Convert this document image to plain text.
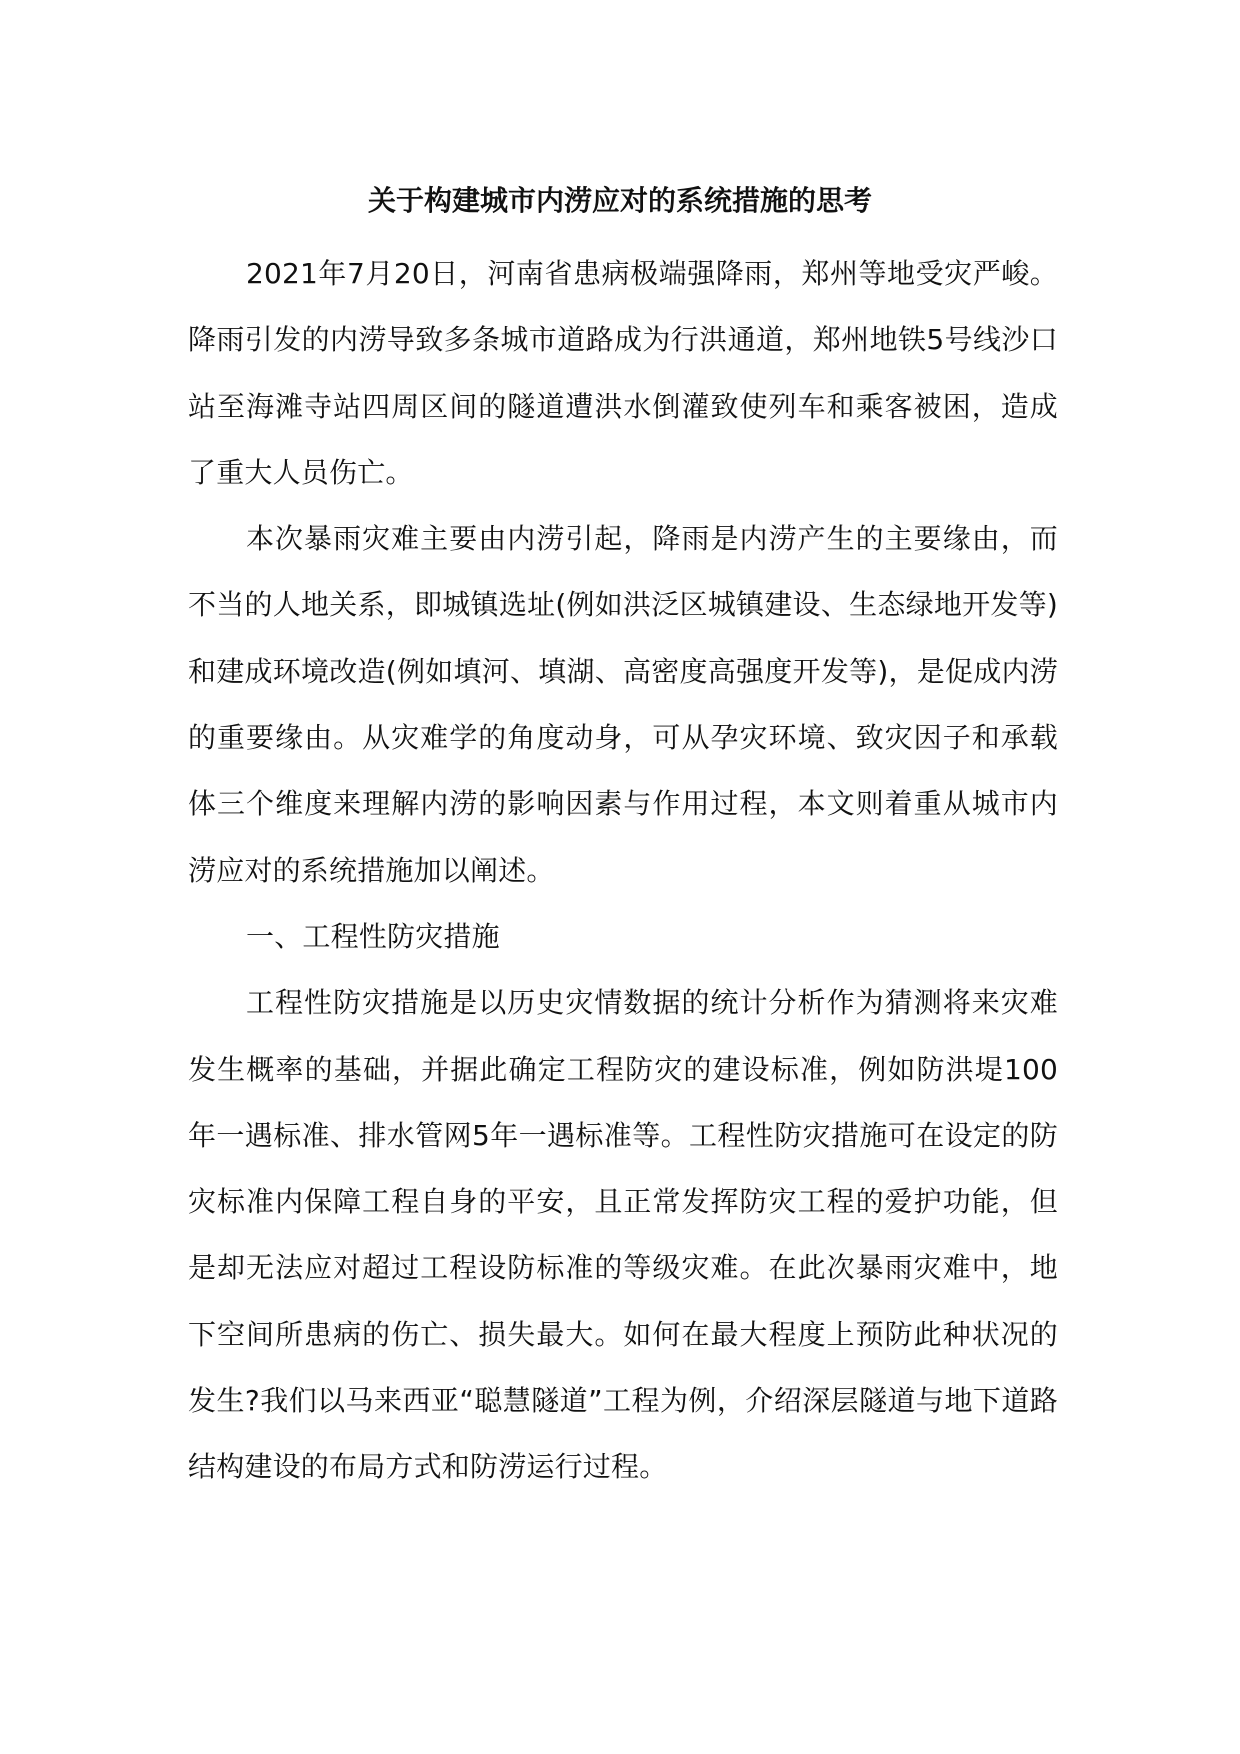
关于构建城市内涝应对的系统措施的思考

2021年7月20日，河南省患病极端强降雨，郑州等地受灾严峻。降雨引发的内涝导致多条城市道路成为行洪通道，郑州地铁5号线沙口站至海滩寺站四周区间的隧道遭洪水倒灌致使列车和乘客被困，造成了重大人员伤亡。

本次暴雨灾难主要由内涝引起，降雨是内涝产生的主要缘由，而不当的人地关系，即城镇选址(例如洪泛区城镇建设、生态绿地开发等)和建成环境改造(例如填河、填湖、高密度高强度开发等)，是促成内涝的重要缘由。从灾难学的角度动身，可从孕灾环境、致灾因子和承载体三个维度来理解内涝的影响因素与作用过程，本文则着重从城市内涝应对的系统措施加以阐述。

一、工程性防灾措施

工程性防灾措施是以历史灾情数据的统计分析作为猜测将来灾难发生概率的基础，并据此确定工程防灾的建设标准，例如防洪堤100年一遇标准、排水管网5年一遇标准等。工程性防灾措施可在设定的防灾标准内保障工程自身的平安，且正常发挥防灾工程的爱护功能，但是却无法应对超过工程设防标准的等级灾难。在此次暴雨灾难中，地下空间所患病的伤亡、损失最大。如何在最大程度上预防此种状况的发生?我们以马来西亚“聪慧隧道”工程为例，介绍深层隧道与地下道路结构建设的布局方式和防涝运行过程。
